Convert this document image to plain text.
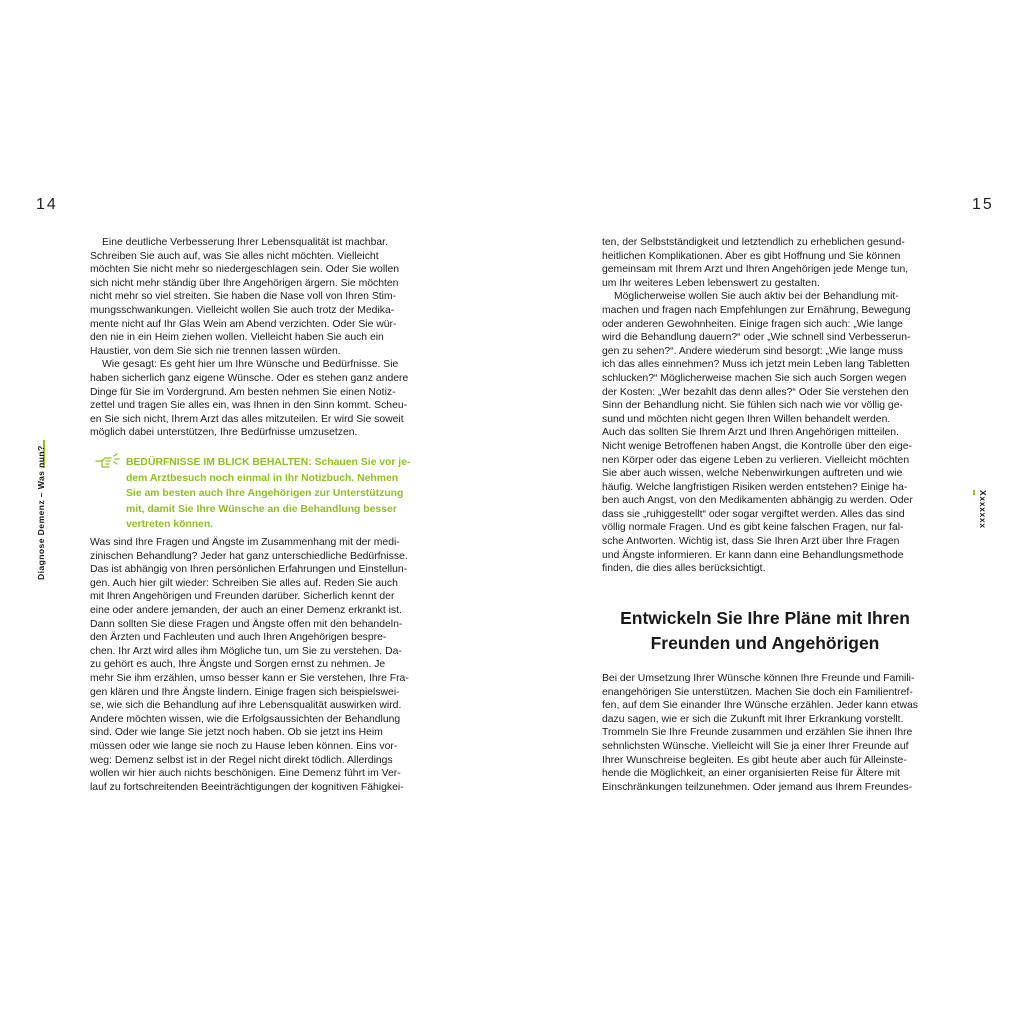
14	15
Diagnose Demenz – Was nun?	Xxxxxxx
Eine deutliche Verbesserung Ihrer Lebensqualität ist machbar.
Schreiben Sie auch auf, was Sie alles nicht möchten. Vielleicht
möchten Sie nicht mehr so niedergeschlagen sein. Oder Sie wollen
sich nicht mehr ständig über Ihre Angehörigen ärgern. Sie möchten
nicht mehr so viel streiten. Sie haben die Nase voll von Ihren Stim-
mungsschwankungen. Vielleicht wollen Sie auch trotz der Medika-
mente nicht auf Ihr Glas Wein am Abend verzichten. Oder Sie wür-
den nie in ein Heim ziehen wollen. Vielleicht haben Sie auch ein
Haustier, von dem Sie sich nie trennen lassen würden.
Wie gesagt: Es geht hier um Ihre Wünsche und Bedürfnisse. Sie
haben sicherlich ganz eigene Wünsche. Oder es stehen ganz andere
Dinge für Sie im Vordergrund. Am besten nehmen Sie einen Notiz-
zettel und tragen Sie alles ein, was Ihnen in den Sinn kommt. Scheu-
en Sie sich nicht, Ihrem Arzt das alles mitzuteilen. Er wird Sie soweit
möglich dabei unterstützen, Ihre Bedürfnisse umzusetzen.
BEDÜRFNISSE IM BLICK BEHALTEN: Schauen Sie vor je-
dem Arztbesuch noch einmal in Ihr Notizbuch. Nehmen
Sie am besten auch Ihre Angehörigen zur Unterstützung
mit, damit Sie Ihre Wünsche an die Behandlung besser
vertreten können.
Was sind Ihre Fragen und Ängste im Zusammenhang mit der medi-
zinischen Behandlung? Jeder hat ganz unterschiedliche Bedürfnisse.
Das ist abhängig von Ihren persönlichen Erfahrungen und Einstellun-
gen. Auch hier gilt wieder: Schreiben Sie alles auf. Reden Sie auch
mit Ihren Angehörigen und Freunden darüber. Sicherlich kennt der
eine oder andere jemanden, der auch an einer Demenz erkrankt ist.
Dann sollten Sie diese Fragen und Ängste offen mit den behandeln-
den Ärzten und Fachleuten und auch Ihren Angehörigen bespre-
chen. Ihr Arzt wird alles ihm Mögliche tun, um Sie zu verstehen. Da-
zu gehört es auch, Ihre Ängste und Sorgen ernst zu nehmen. Je
mehr Sie ihm erzählen, umso besser kann er Sie verstehen, Ihre Fra-
gen klären und Ihre Ängste lindern. Einige fragen sich beispielswei-
se, wie sich die Behandlung auf ihre Lebensqualität auswirken wird.
Andere möchten wissen, wie die Erfolgsaussichten der Behandlung
sind. Oder wie lange Sie jetzt noch haben. Ob sie jetzt ins Heim
müssen oder wie lange sie noch zu Hause leben können. Eins vor-
weg: Demenz selbst ist in der Regel nicht direkt tödlich. Allerdings
wollen wir hier auch nichts beschönigen. Eine Demenz führt im Ver-
lauf zu fortschreitenden Beeinträchtigungen der kognitiven Fähigkei-
ten, der Selbstständigkeit und letztendlich zu erheblichen gesund-
heitlichen Komplikationen. Aber es gibt Hoffnung und Sie können
gemeinsam mit Ihrem Arzt und Ihren Angehörigen jede Menge tun,
um Ihr weiteres Leben lebenswert zu gestalten.
Möglicherweise wollen Sie auch aktiv bei der Behandlung mit-
machen und fragen nach Empfehlungen zur Ernährung, Bewegung
oder anderen Gewohnheiten. Einige fragen sich auch: „Wie lange
wird die Behandlung dauern?“ oder „Wie schnell sind Verbesserun-
gen zu sehen?“. Andere wiederum sind besorgt: „Wie lange muss
ich das alles einnehmen? Muss ich jetzt mein Leben lang Tabletten
schlucken?“ Möglicherweise machen Sie sich auch Sorgen wegen
der Kosten: „Wer bezahlt das denn alles?“ Oder Sie verstehen den
Sinn der Behandlung nicht. Sie fühlen sich nach wie vor völlig ge-
sund und möchten nicht gegen Ihren Willen behandelt werden.
Auch das sollten Sie Ihrem Arzt und Ihren Angehörigen mitteilen.
Nicht wenige Betroffenen haben Angst, die Kontrolle über den eige-
nen Körper oder das eigene Leben zu verlieren. Vielleicht möchten
Sie aber auch wissen, welche Nebenwirkungen auftreten und wie
häufig. Welche langfristigen Risiken werden entstehen? Einige ha-
ben auch Angst, von den Medikamenten abhängig zu werden. Oder
dass sie „ruhiggestellt“ oder sogar vergiftet werden. Alles das sind
völlig normale Fragen. Und es gibt keine falschen Fragen, nur fal-
sche Antworten. Wichtig ist, dass Sie Ihren Arzt über Ihre Fragen
und Ängste informieren. Er kann dann eine Behandlungsmethode
finden, die dies alles berücksichtigt.
Entwickeln Sie Ihre Pläne mit Ihren
Freunden und Angehörigen
Bei der Umsetzung Ihrer Wünsche können Ihre Freunde und Famili-
enangehörigen Sie unterstützen. Machen Sie doch ein Familientref-
fen, auf dem Sie einander Ihre Wünsche erzählen. Jeder kann etwas
dazu sagen, wie er sich die Zukunft mit Ihrer Erkrankung vorstellt.
Trommeln Sie Ihre Freunde zusammen und erzählen Sie ihnen Ihre
sehnlichsten Wünsche. Vielleicht will Sie ja einer Ihrer Freunde auf
Ihrer Wunschreise begleiten. Es gibt heute aber auch für Alleinste-
hende die Möglichkeit, an einer organisierten Reise für Ältere mit
Einschränkungen teilzunehmen. Oder jemand aus Ihrem Freundes-
